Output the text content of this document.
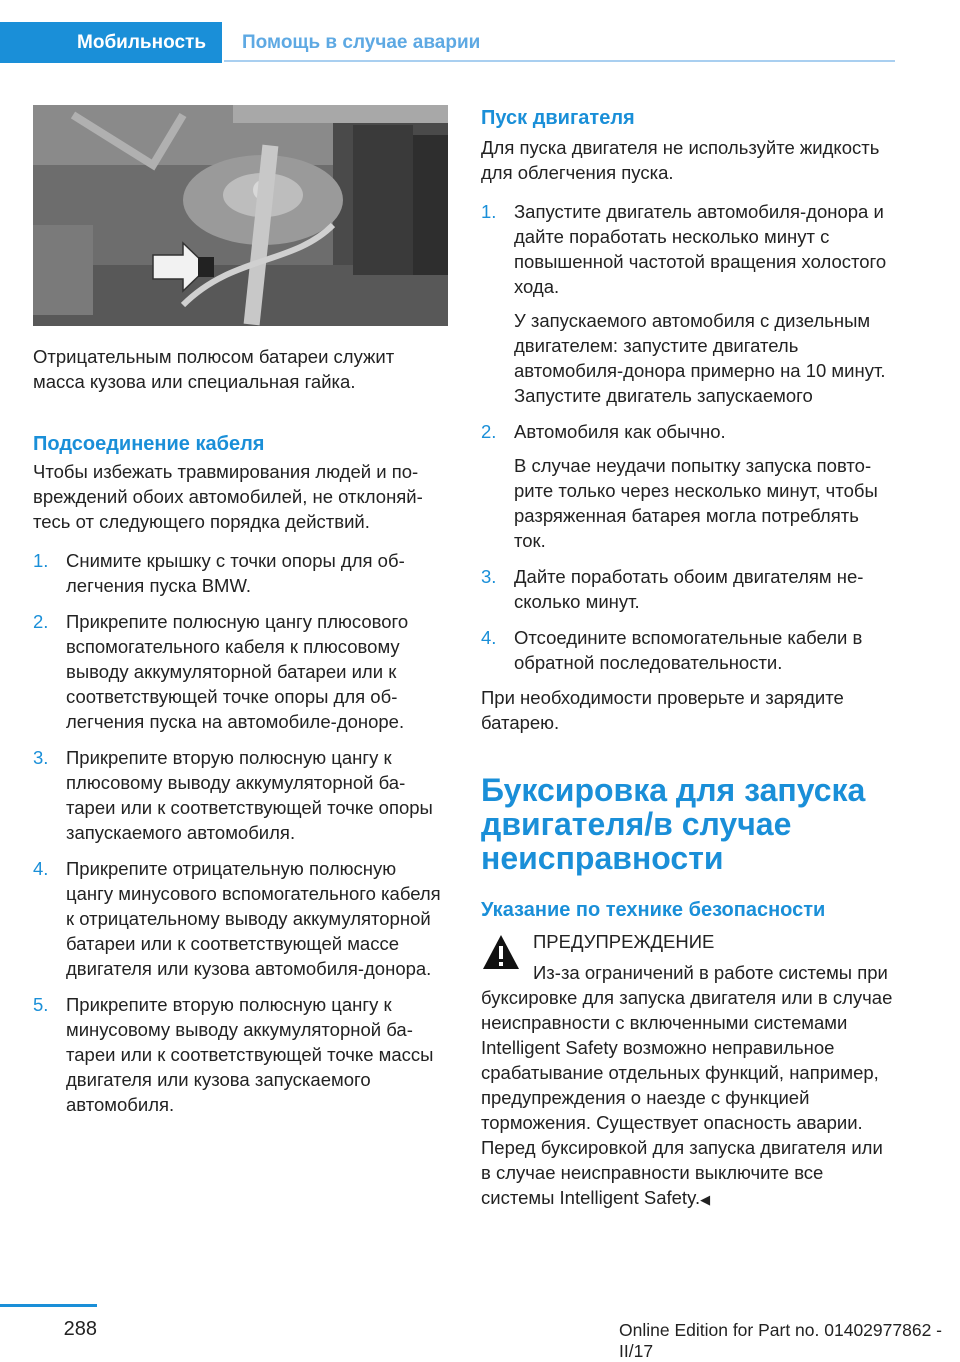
Мобильность	Помощь в случае аварии

Отрицательным полюсом батареи служит масса кузова или специальная гайка.

Подсоединение кабеля

Чтобы избежать травмирования людей и повреждений обоих автомобилей, не отклоняйтесь от следующего порядка действий.

1. Снимите крышку с точки опоры для облегчения пуска BMW.
2. Прикрепите полюсную цангу плюсового вспомогательного кабеля к плюсовому выводу аккумуляторной батареи или к соответствующей точке опоры для облегчения пуска на автомобиле-доноре.
3. Прикрепите вторую полюсную цангу к плюсовому выводу аккумуляторной батареи или к соответствующей точке опоры запускаемого автомобиля.
4. Прикрепите отрицательную полюсную цангу минусового вспомогательного кабеля к отрицательному выводу аккумуляторной батареи или к соответствующей массе двигателя или кузова автомобиля-донора.
5. Прикрепите вторую полюсную цангу к минусовому выводу аккумуляторной батареи или к соответствующей точке массы двигателя или кузова запускаемого автомобиля.
Пуск двигателя

Для пуска двигателя не используйте жидкость для облегчения пуска.

1. Запустите двигатель автомобиля-донора и дайте поработать несколько минут с повышенной частотой вращения холостого хода.
У запускаемого автомобиля с дизельным двигателем: запустите двигатель автомобиля-донора примерно на 10 минут. Запустите двигатель запускаемого
2. Автомобиля как обычно.
В случае неудачи попытку запуска повторите только через несколько минут, чтобы разряженная батарея могла потреблять ток.
3. Дайте поработать обоим двигателям несколько минут.
4. Отсоедините вспомогательные кабели в обратной последовательности.

При необходимости проверьте и зарядите батарею.

Буксировка для запуска двигателя/в случае неисправности
Указание по технике безопасности
ПРЕДУПРЕЖДЕНИЕ
Из-за ограничений в работе системы при буксировке для запуска двигателя или в случае неисправности с включенными системами Intelligent Safety возможно неправильное срабатывание отдельных функций, например, предупреждения о наезде с функцией торможения. Существует опасность аварии. Перед буксировкой для запуска двигателя или в случае неисправности выключите все системы Intelligent Safety.◀
288	Online Edition for Part no. 01402977862 - II/17
